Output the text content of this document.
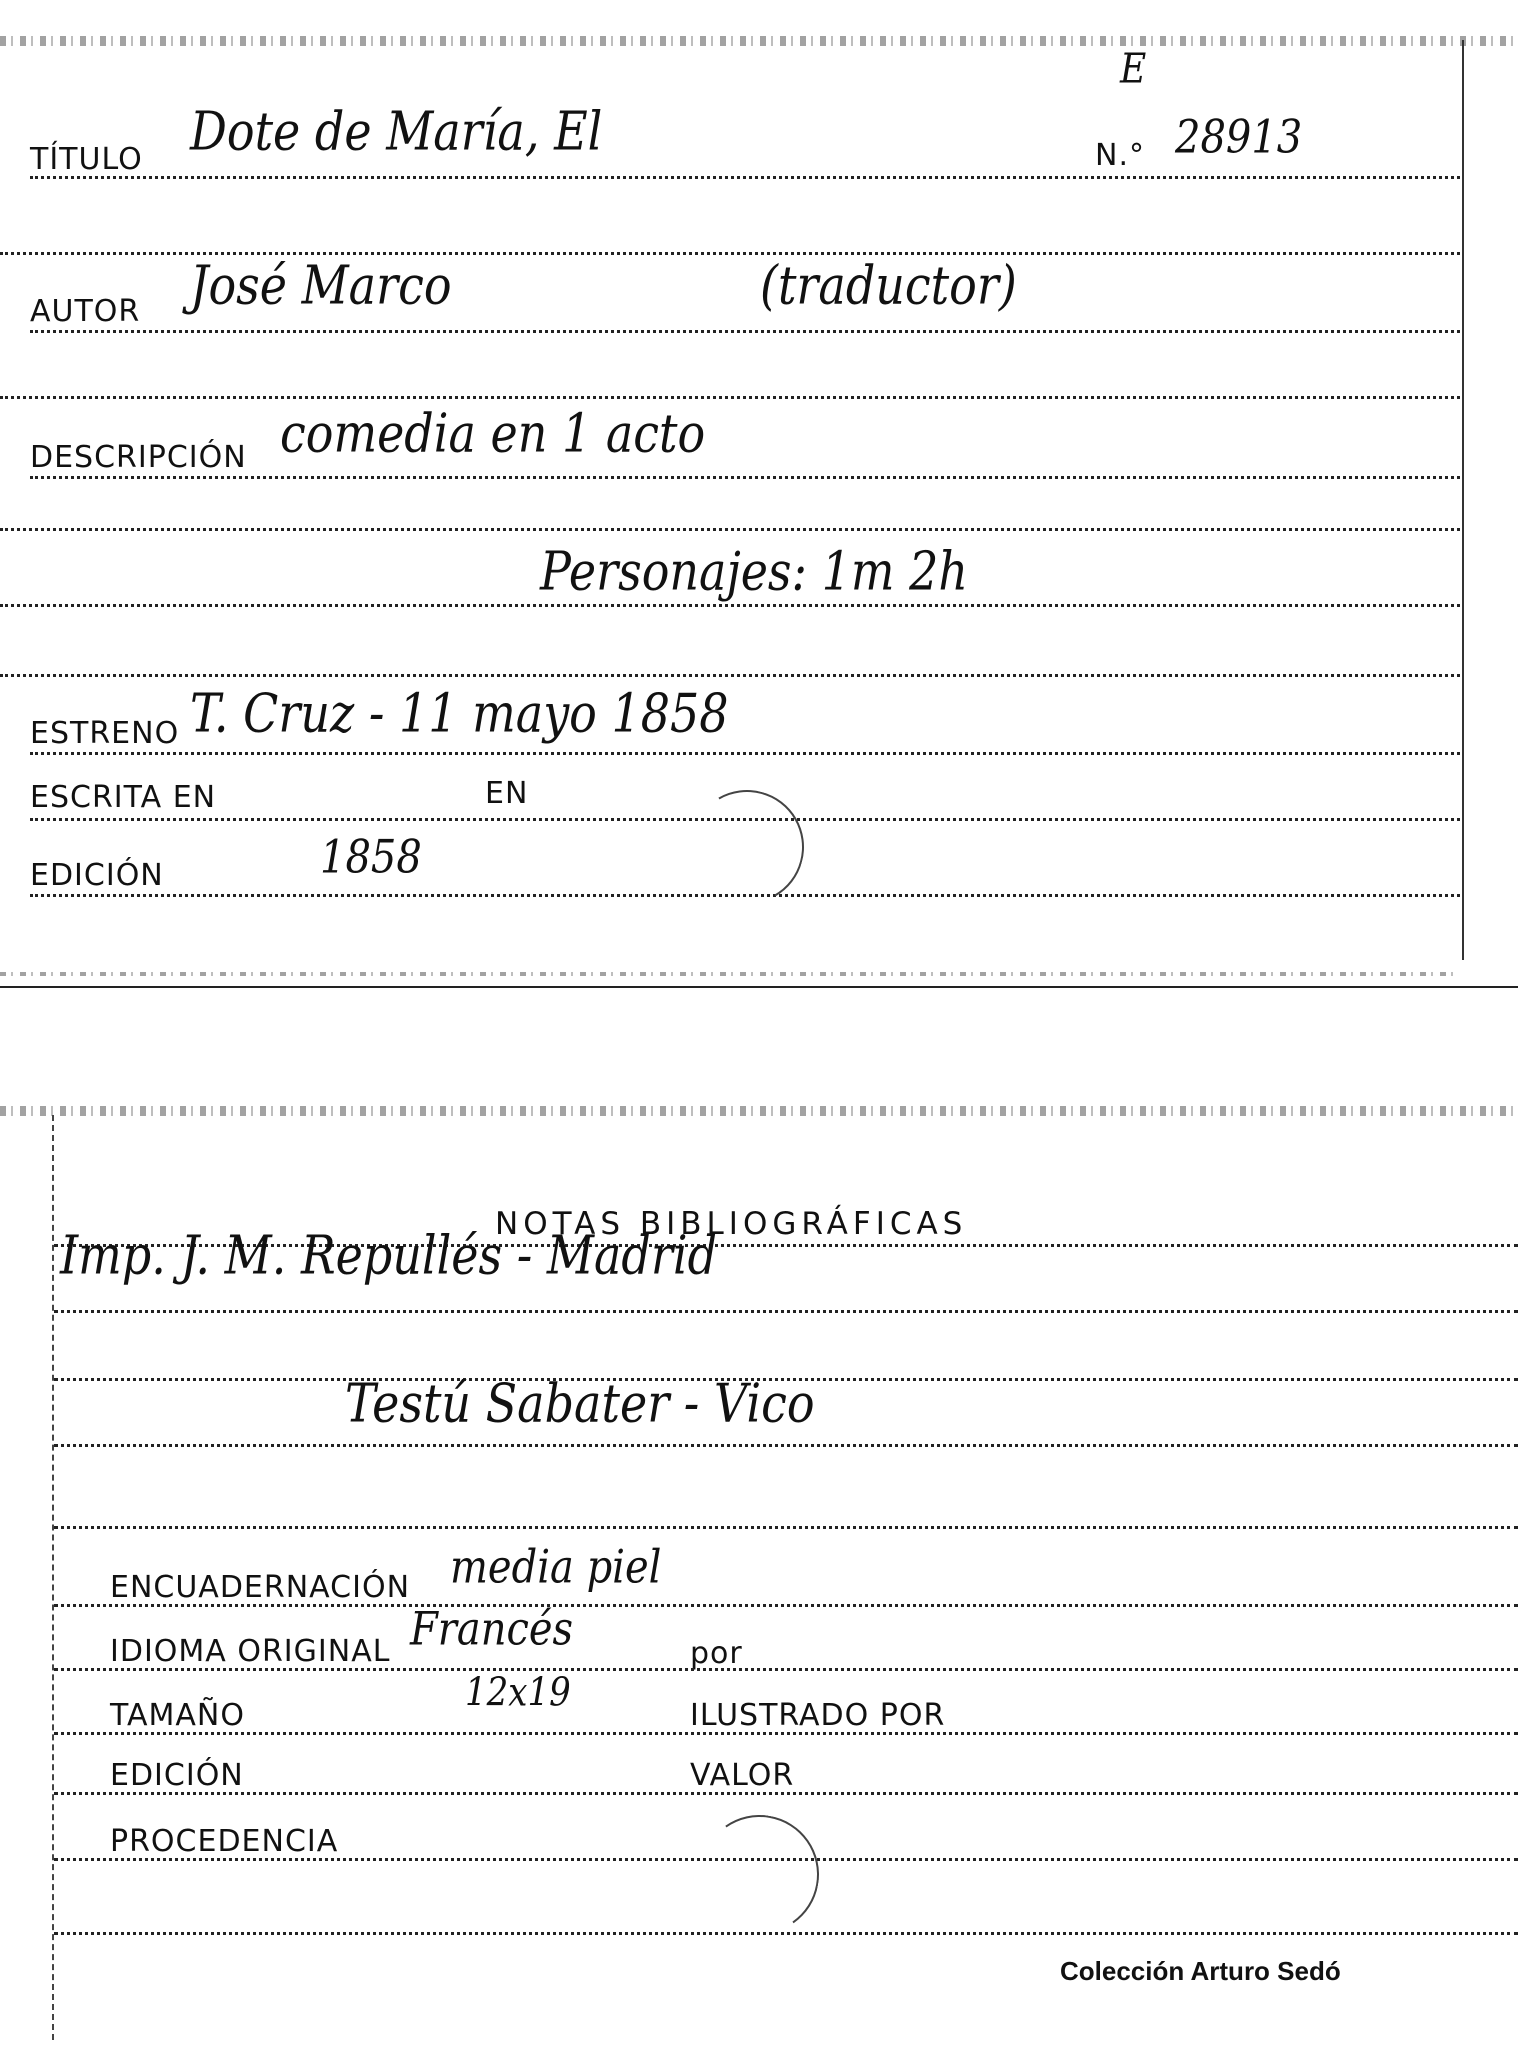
TÍTULO Dote de María, El
E
N.° 28913
AUTOR José Marco	(traductor)
DESCRIPCIÓN comedia en 1 acto
Personajes: 1m 2h
ESTRENO T. Cruz - 11 mayo 1858
ESCRITA EN	EN
EDICIÓN	1858
NOTAS BIBLIOGRÁFICAS
Imp. J. M. Repullés - Madrid
Testú Sabater - Vico
ENCUADERNACIÓN media piel
IDIOMA ORIGINAL Francés	por
TAMAÑO	12x19	ILUSTRADO POR
EDICIÓN	VALOR
PROCEDENCIA
Colección Arturo Sedó
